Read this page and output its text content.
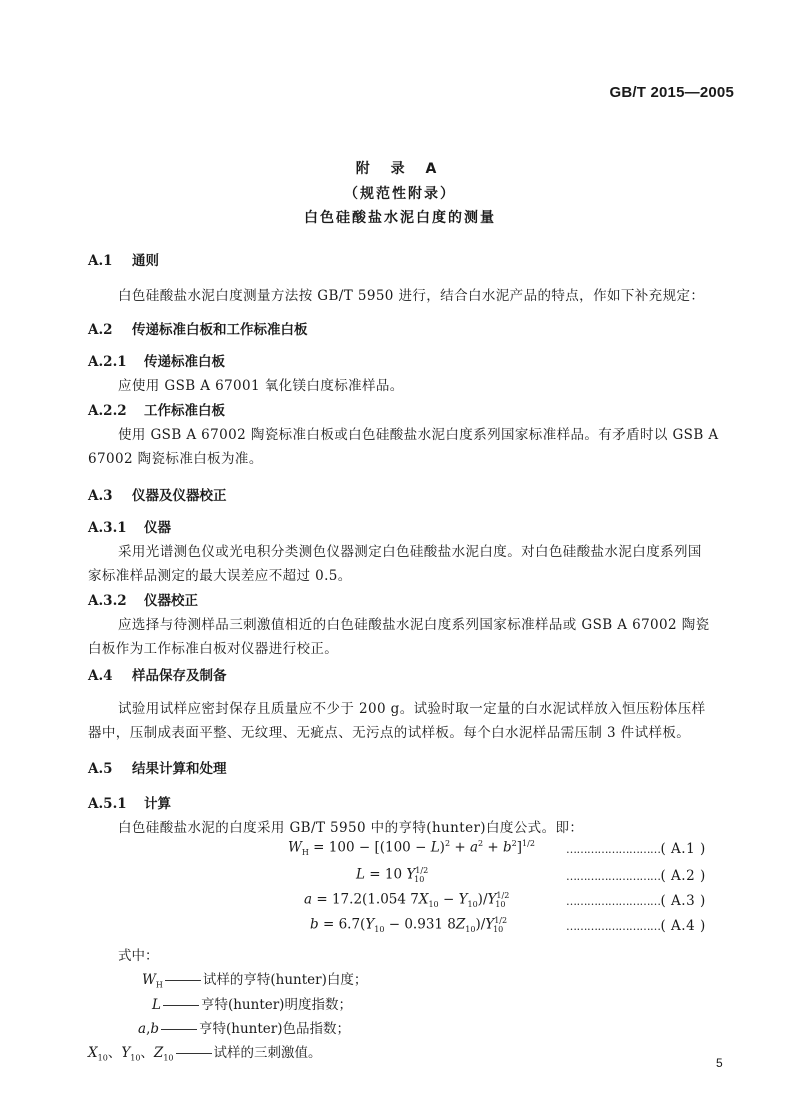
GB/T 2015—2005
附 录 A
（规范性附录）
白色硅酸盐水泥白度的测量
A.1 通则
白色硅酸盐水泥白度测量方法按 GB/T 5950 进行，结合白水泥产品的特点，作如下补充规定：
A.2 传递标准白板和工作标准白板
A.2.1 传递标准白板
应使用 GSB A 67001 氧化镁白度标准样品。
A.2.2 工作标准白板
使用 GSB A 67002 陶瓷标准白板或白色硅酸盐水泥白度系列国家标准样品。有矛盾时以 GSB A
67002 陶瓷标准白板为准。
A.3 仪器及仪器校正
A.3.1 仪器
采用光谱测色仪或光电积分类测色仪器测定白色硅酸盐水泥白度。对白色硅酸盐水泥白度系列国
家标准样品测定的最大误差应不超过 0.5。
A.3.2 仪器校正
应选择与待测样品三刺激值相近的白色硅酸盐水泥白度系列国家标准样品或 GSB A 67002 陶瓷
白板作为工作标准白板对仪器进行校正。
A.4 样品保存及制备
试验用试样应密封保存且质量应不少于 200 g。试验时取一定量的白水泥试样放入恒压粉体压样
器中，压制成表面平整、无纹理、无疵点、无污点的试样板。每个白水泥样品需压制 3 件试样板。
A.5 结果计算和处理
A.5.1 计算
白色硅酸盐水泥的白度采用 GB/T 5950 中的亨特(hunter)白度公式。即：
$W_H = 100 - [(100 - L)^2 + a^2 + b^2]^{1/2}$	………………………( A.1 )
L = 10 $Y^{1/2}_{10}$	………………………( A.2 )
a = 17.2(1.054 $7X_{10} - Y_{10})/Y^{1/2}_{10}$	………………………( A.3 )
$b = 6.7(Y_{10} - 0.931$ $8Z_{10})/Y^{1/2}_{10}$	………………………( A.4 )
式中：
$W_H$	试样的亨特(hunter)白度；
L	亨特(hunter)明度指数；
a,b	亨特(hunter)色品指数；
$X_{10}$、$Y_{10}$、$Z_{10}$	试样的三刺激值。
5
